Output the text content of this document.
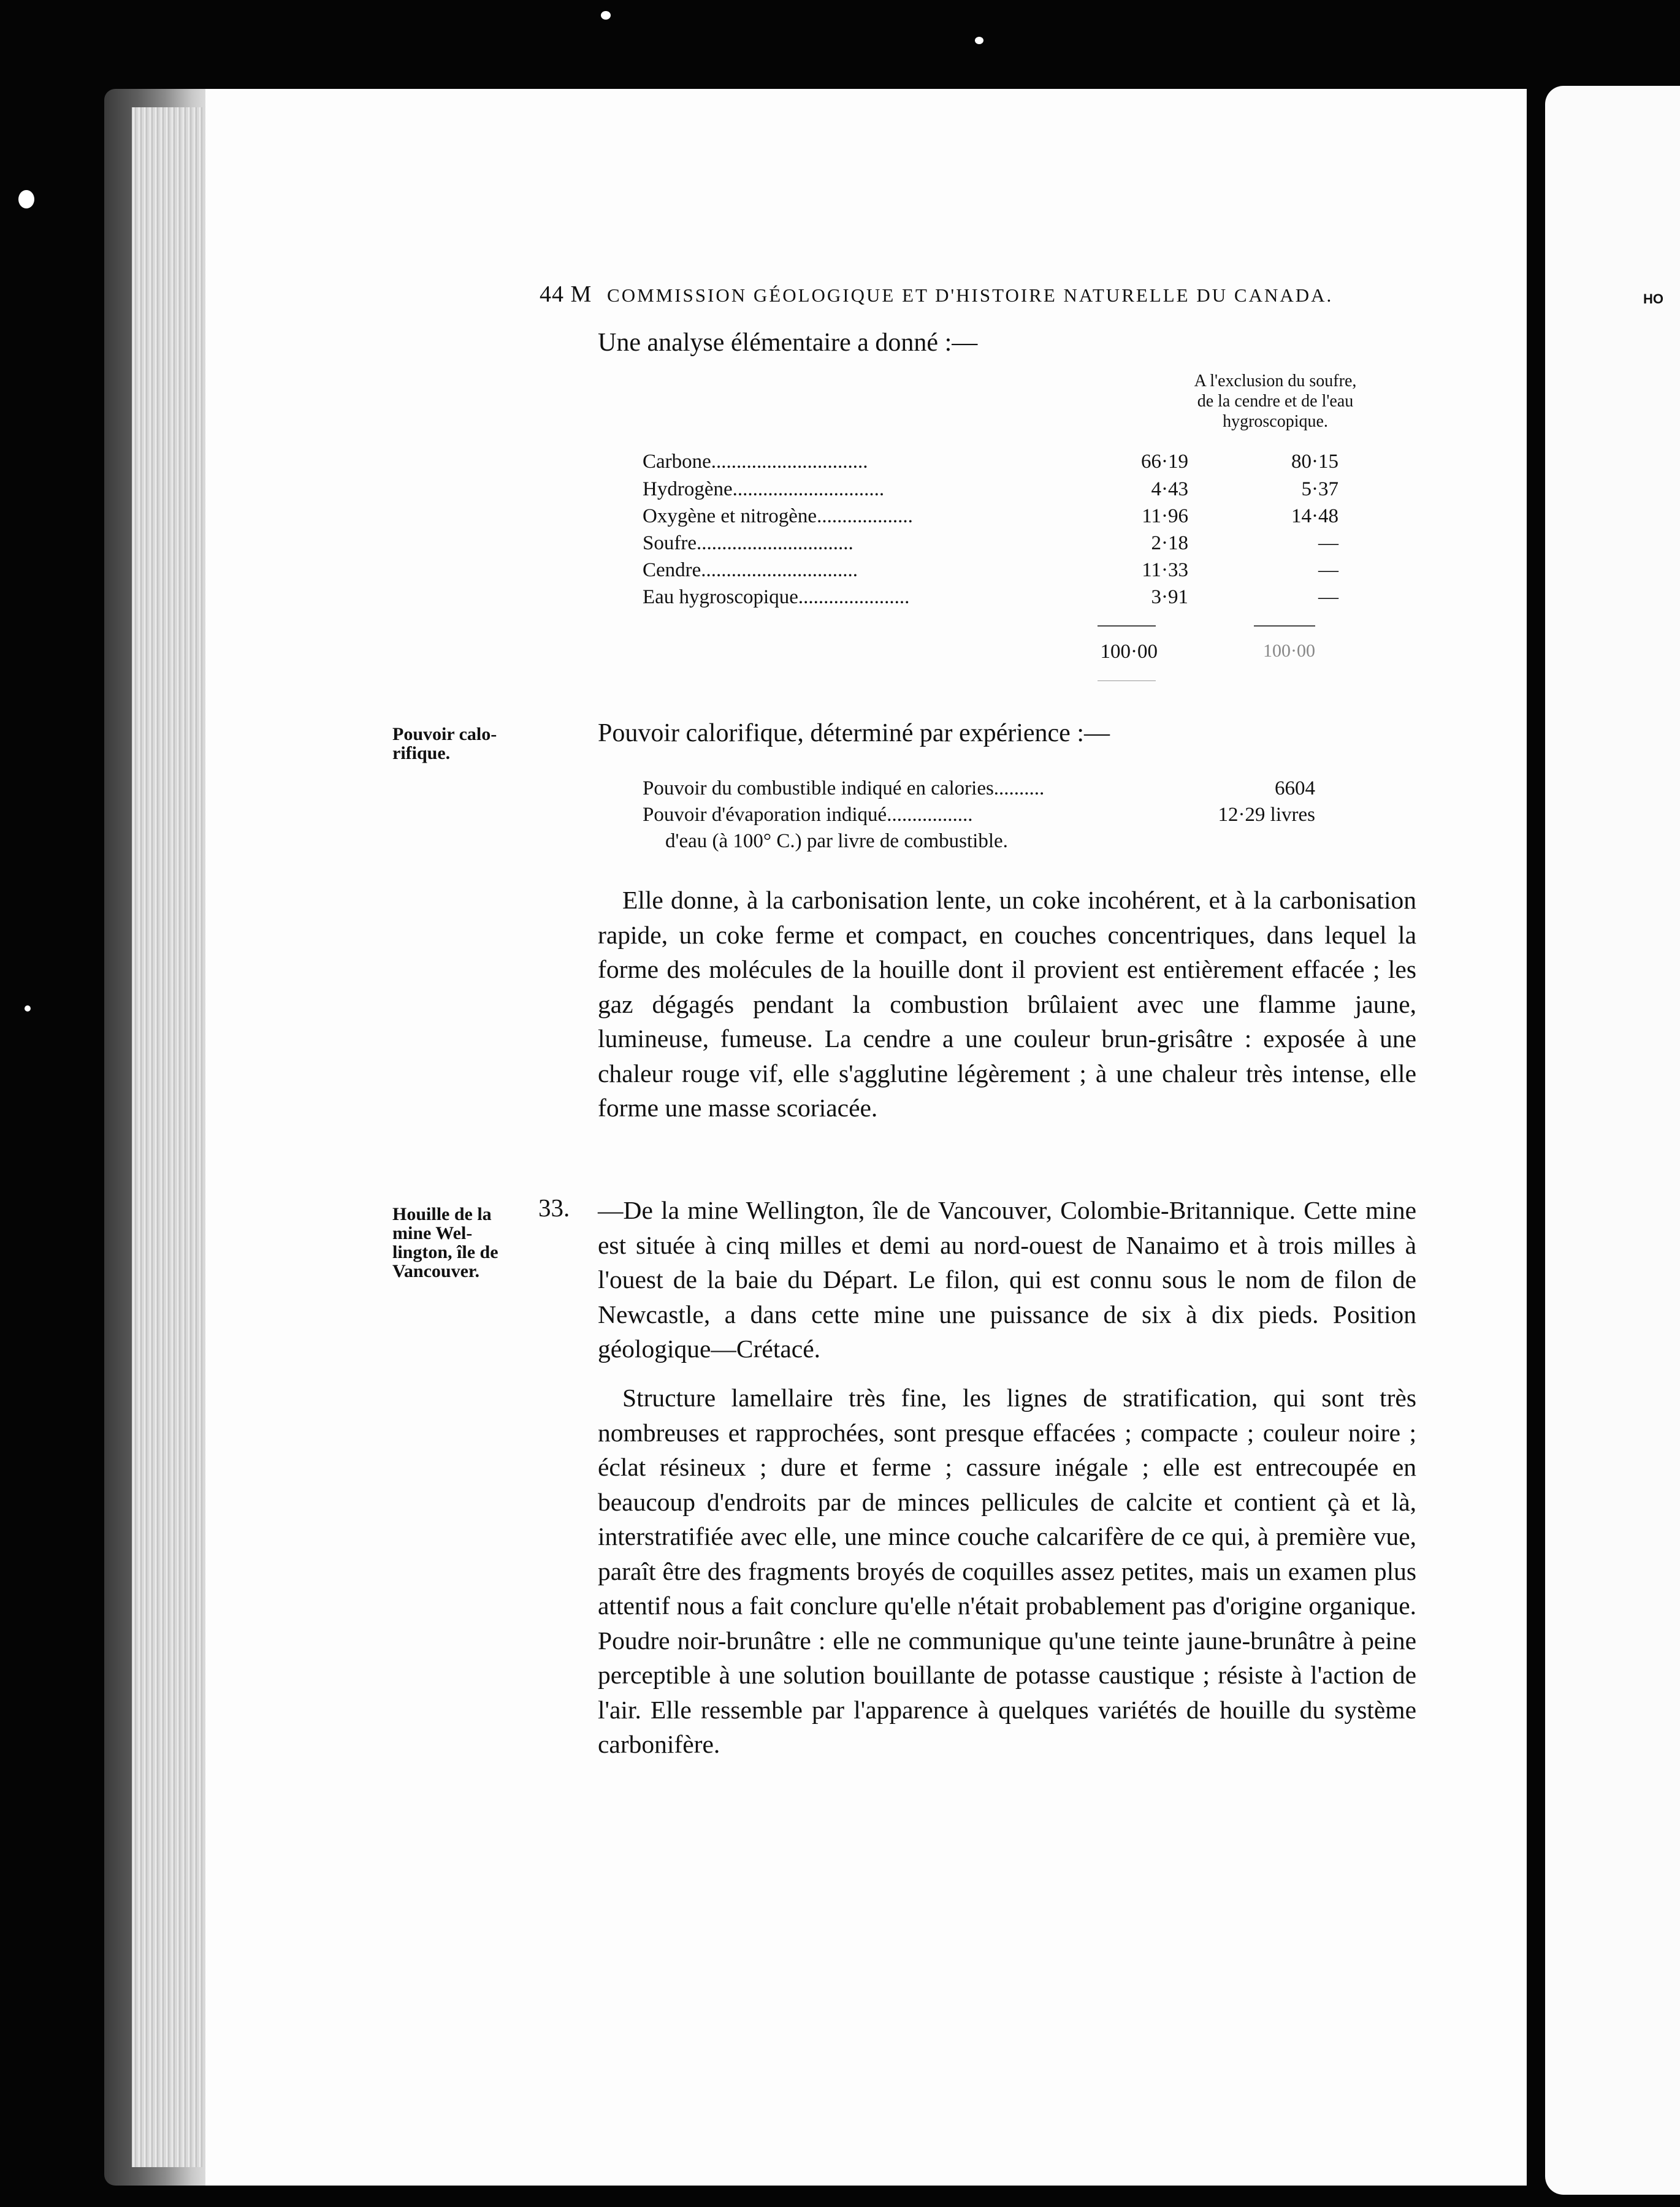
HO
44 M COMMISSION GÉOLOGIQUE ET D'HISTOIRE NATURELLE DU CANADA.
Une analyse élémentaire a donné :—
A l'exclusion du soufre,
de la cendre et de l'eau
hygroscopique.
Carbone...............................	66·19	80·15
Hydrogène..............................	4·43	5·37
Oxygène et nitrogène...................	11·96	14·48
Soufre...............................	2·18	—
Cendre...............................	11·33	—
Eau hygroscopique......................	3·91	—
100·00	100·00
Pouvoir calo-
rifique.
Pouvoir calorifique, déterminé par expérience :—
Pouvoir du combustible indiqué en calories..........	6604
Pouvoir d'évaporation indiqué.................	12·29 livres
d'eau (à 100° C.) par livre de combustible.
Elle donne, à la carbonisation lente, un coke incohérent, et à la carbonisation rapide, un coke ferme et compact, en couches concentriques, dans lequel la forme des molécules de la houille dont il provient est entièrement effacée ; les gaz dégagés pendant la combustion brûlaient avec une flamme jaune, lumineuse, fumeuse. La cendre a une couleur brun-grisâtre : exposée à une chaleur rouge vif, elle s'agglutine légèrement ; à une chaleur très intense, elle forme une masse scoriacée.
Houille de la
mine Wel-
lington, île de
Vancouver.
33. —De la mine Wellington, île de Vancouver, Colombie-Britannique. Cette mine est située à cinq milles et demi au nord-ouest de Nanaimo et à trois milles à l'ouest de la baie du Départ. Le filon, qui est connu sous le nom de filon de Newcastle, a dans cette mine une puissance de six à dix pieds. Position géologique—Crétacé.
Structure lamellaire très fine, les lignes de stratification, qui sont très nombreuses et rapprochées, sont presque effacées ; compacte ; couleur noire ; éclat résineux ; dure et ferme ; cassure inégale ; elle est entrecoupée en beaucoup d'endroits par de minces pellicules de calcite et contient çà et là, interstratifiée avec elle, une mince couche calcarifère de ce qui, à première vue, paraît être des fragments broyés de coquilles assez petites, mais un examen plus attentif nous a fait conclure qu'elle n'était probablement pas d'origine organique. Poudre noir-brunâtre : elle ne communique qu'une teinte jaune-brunâtre à peine perceptible à une solution bouillante de potasse caustique ; résiste à l'action de l'air. Elle ressemble par l'apparence à quelques variétés de houille du système carbonifère.
